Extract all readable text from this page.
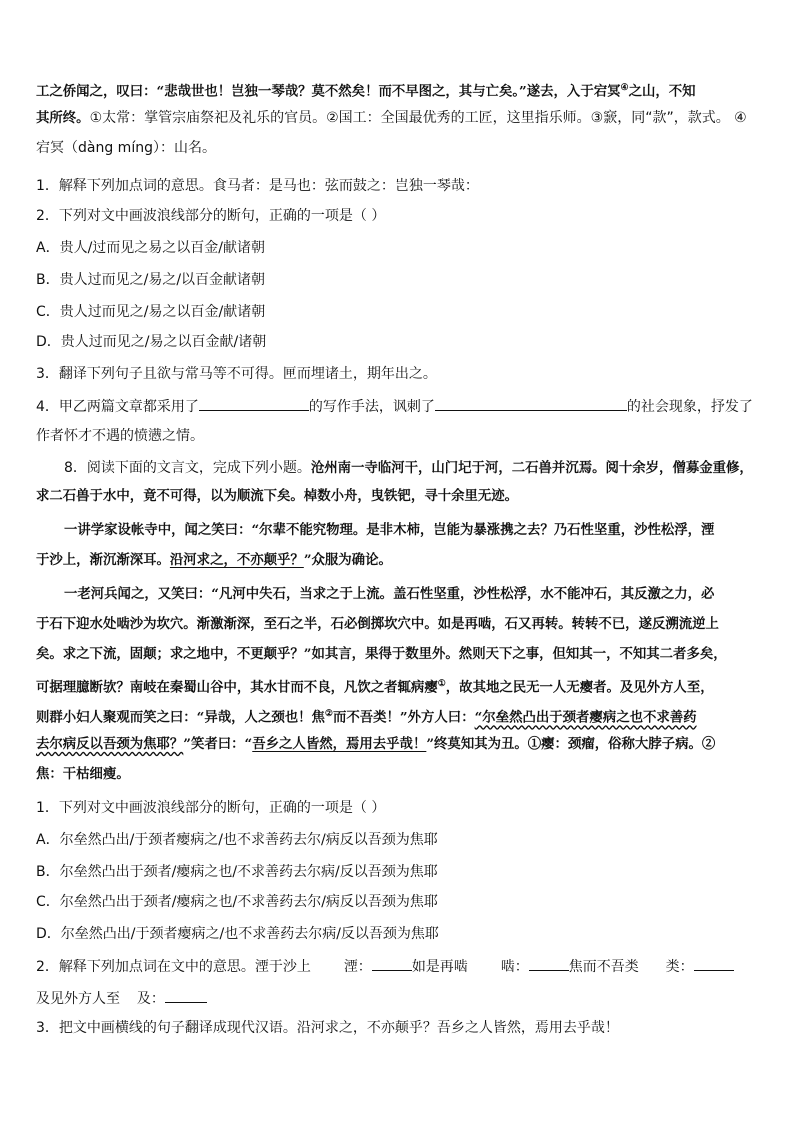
工之侨闻之，叹曰：“悲哉世也！岂独一琴哉？莫不然矣！而不早图之，其与亡矣。”遂去，入于宕冥④之山，不知
其所终。①太常：掌管宗庙祭祀及礼乐的官员。②国工：全国最优秀的工匠，这里指乐师。③窾，同“款”，款式。 ④
宕冥（dàng míng）：山名。
1．解释下列加点词的意思。食马者：是马也：弦而鼓之：岂独一琴哉：
2．下列对文中画波浪线部分的断句，正确的一项是（ ）
A．贵人/过而见之易之以百金/献诸朝
B．贵人过而见之/易之/以百金献诸朝
C．贵人过而见之/易之以百金/献诸朝
D．贵人过而见之/易之以百金献/诸朝
3．翻译下列句子且欲与常马等不可得。匣而埋诸土，期年出之。
4．甲乙两篇文章都采用了	的写作手法，讽刺了	的社会现象，抒发了
作者怀才不遇的愤懑之情。
8．阅读下面的文言文，完成下列小题。沧州南一寺临河干，山门圮于河，二石兽并沉焉。阅十余岁，僧募金重修，
求二石兽于水中，竟不可得，以为顺流下矣。棹数小舟，曳铁钯，寻十余里无迹。
一讲学家设帐寺中，闻之笑曰：“尔辈不能究物理。是非木柿，岂能为暴涨携之去？乃石性坚重，沙性松浮，湮
于沙上，渐沉渐深耳。沿河求之，不亦颠乎？”众服为确论。
一老河兵闻之，又笑曰：“凡河中失石，当求之于上流。盖石性坚重，沙性松浮，水不能冲石，其反激之力，必
于石下迎水处啮沙为坎穴。渐激渐深，至石之半，石必倒掷坎穴中。如是再啮，石又再转。转转不已，遂反溯流逆上
矣。求之下流，固颠；求之地中，不更颠乎？”如其言，果得于数里外。然则天下之事，但知其一，不知其二者多矣，
可据理臆断欤？南岐在秦蜀山谷中，其水甘而不良，凡饮之者辄病瘿①，故其地之民无一人无瘿者。及见外方人至，
则群小妇人聚观而笑之曰：“异哉，人之颈也！焦②而不吾类！”外方人曰：“尔垒然凸出于颈者瘿病之也不求善药
去尔病反以吾颈为焦耶？”笑者曰：“吾乡之人皆然，焉用去乎哉！”终莫知其为丑。①瘿：颈瘤，俗称大脖子病。②
焦：干枯细瘦。
1．下列对文中画波浪线部分的断句，正确的一项是（ ）
A．尔垒然凸出/于颈者瘿病之/也不求善药去尔/病反以吾颈为焦耶
B．尔垒然凸出于颈者/瘿病之也/不求善药去尔病/反以吾颈为焦耶
C．尔垒然凸出于颈者/瘿病之也/不求善药去尔/病反以吾颈为焦耶
D．尔垒然凸出/于颈者瘿病之/也不求善药去尔病/反以吾颈为焦耶
2．解释下列加点词在文中的意思。湮于沙上 湮：	如是再啮 啮：	焦而不吾类 类：
及见外方人至 及：
3．把文中画横线的句子翻译成现代汉语。沿河求之，不亦颠乎？吾乡之人皆然，焉用去乎哉！
